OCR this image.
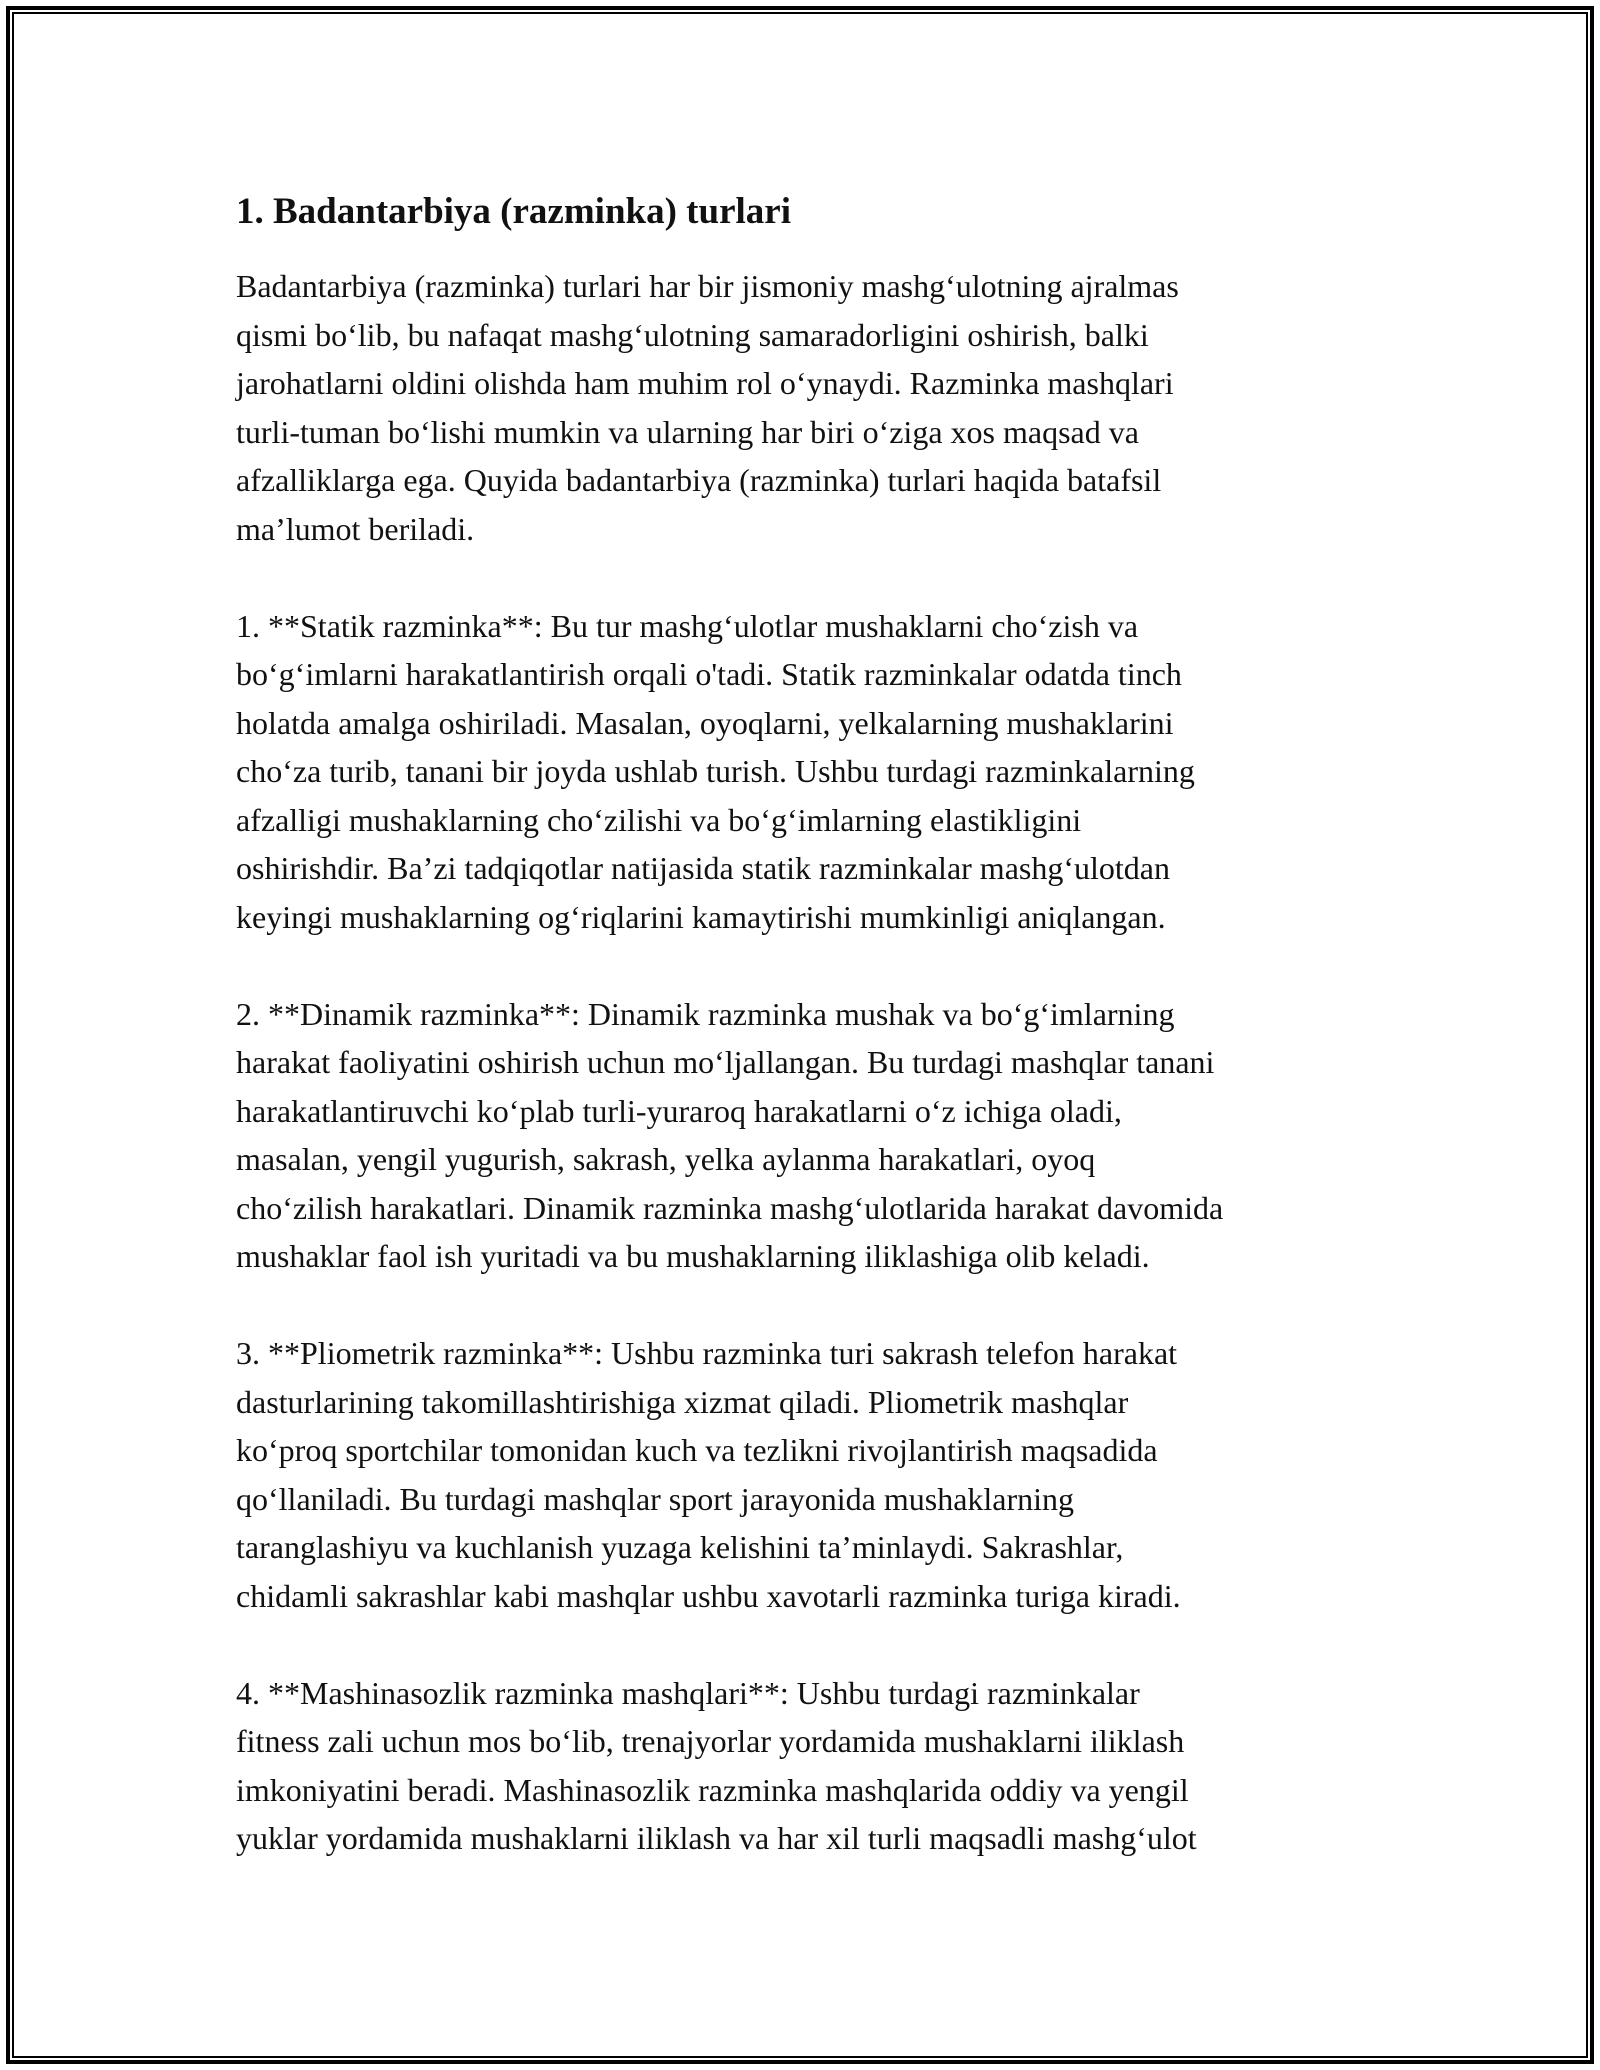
1. Badantarbiya (razminka) turlari

Badantarbiya (razminka) turlari har bir jismoniy mashg‘ulotning ajralmas
qismi bo‘lib, bu nafaqat mashg‘ulotning samaradorligini oshirish, balki
jarohatlarni oldini olishda ham muhim rol o‘ynaydi. Razminka mashqlari
turli-tuman bo‘lishi mumkin va ularning har biri o‘ziga xos maqsad va
afzalliklarga ega. Quyida badantarbiya (razminka) turlari haqida batafsil
ma’lumot beriladi.

1. **Statik razminka**: Bu tur mashg‘ulotlar mushaklarni cho‘zish va
bo‘g‘imlarni harakatlantirish orqali o'tadi. Statik razminkalar odatda tinch
holatda amalga oshiriladi. Masalan, oyoqlarni, yelkalarning mushaklarini
cho‘za turib, tanani bir joyda ushlab turish. Ushbu turdagi razminkalarning
afzalligi mushaklarning cho‘zilishi va bo‘g‘imlarning elastikligini
oshirishdir. Ba’zi tadqiqotlar natijasida statik razminkalar mashg‘ulotdan
keyingi mushaklarning og‘riqlarini kamaytirishi mumkinligi aniqlangan.

2. **Dinamik razminka**: Dinamik razminka mushak va bo‘g‘imlarning
harakat faoliyatini oshirish uchun mo‘ljallangan. Bu turdagi mashqlar tanani
harakatlantiruvchi ko‘plab turli-yuraroq harakatlarni o‘z ichiga oladi,
masalan, yengil yugurish, sakrash, yelka aylanma harakatlari, oyoq
cho‘zilish harakatlari. Dinamik razminka mashg‘ulotlarida harakat davomida
mushaklar faol ish yuritadi va bu mushaklarning iliklashiga olib keladi.

3. **Pliometrik razminka**: Ushbu razminka turi sakrash telefon harakat
dasturlarining takomillashtirishiga xizmat qiladi. Pliometrik mashqlar
ko‘proq sportchilar tomonidan kuch va tezlikni rivojlantirish maqsadida
qo‘llaniladi. Bu turdagi mashqlar sport jarayonida mushaklarning
taranglashiyu va kuchlanish yuzaga kelishini ta’minlaydi. Sakrashlar,
chidamli sakrashlar kabi mashqlar ushbu xavotarli razminka turiga kiradi.

4. **Mashinasozlik razminka mashqlari**: Ushbu turdagi razminkalar
fitness zali uchun mos bo‘lib, trenajyorlar yordamida mushaklarni iliklash
imkoniyatini beradi. Mashinasozlik razminka mashqlarida oddiy va yengil
yuklar yordamida mushaklarni iliklash va har xil turli maqsadli mashg‘ulot
